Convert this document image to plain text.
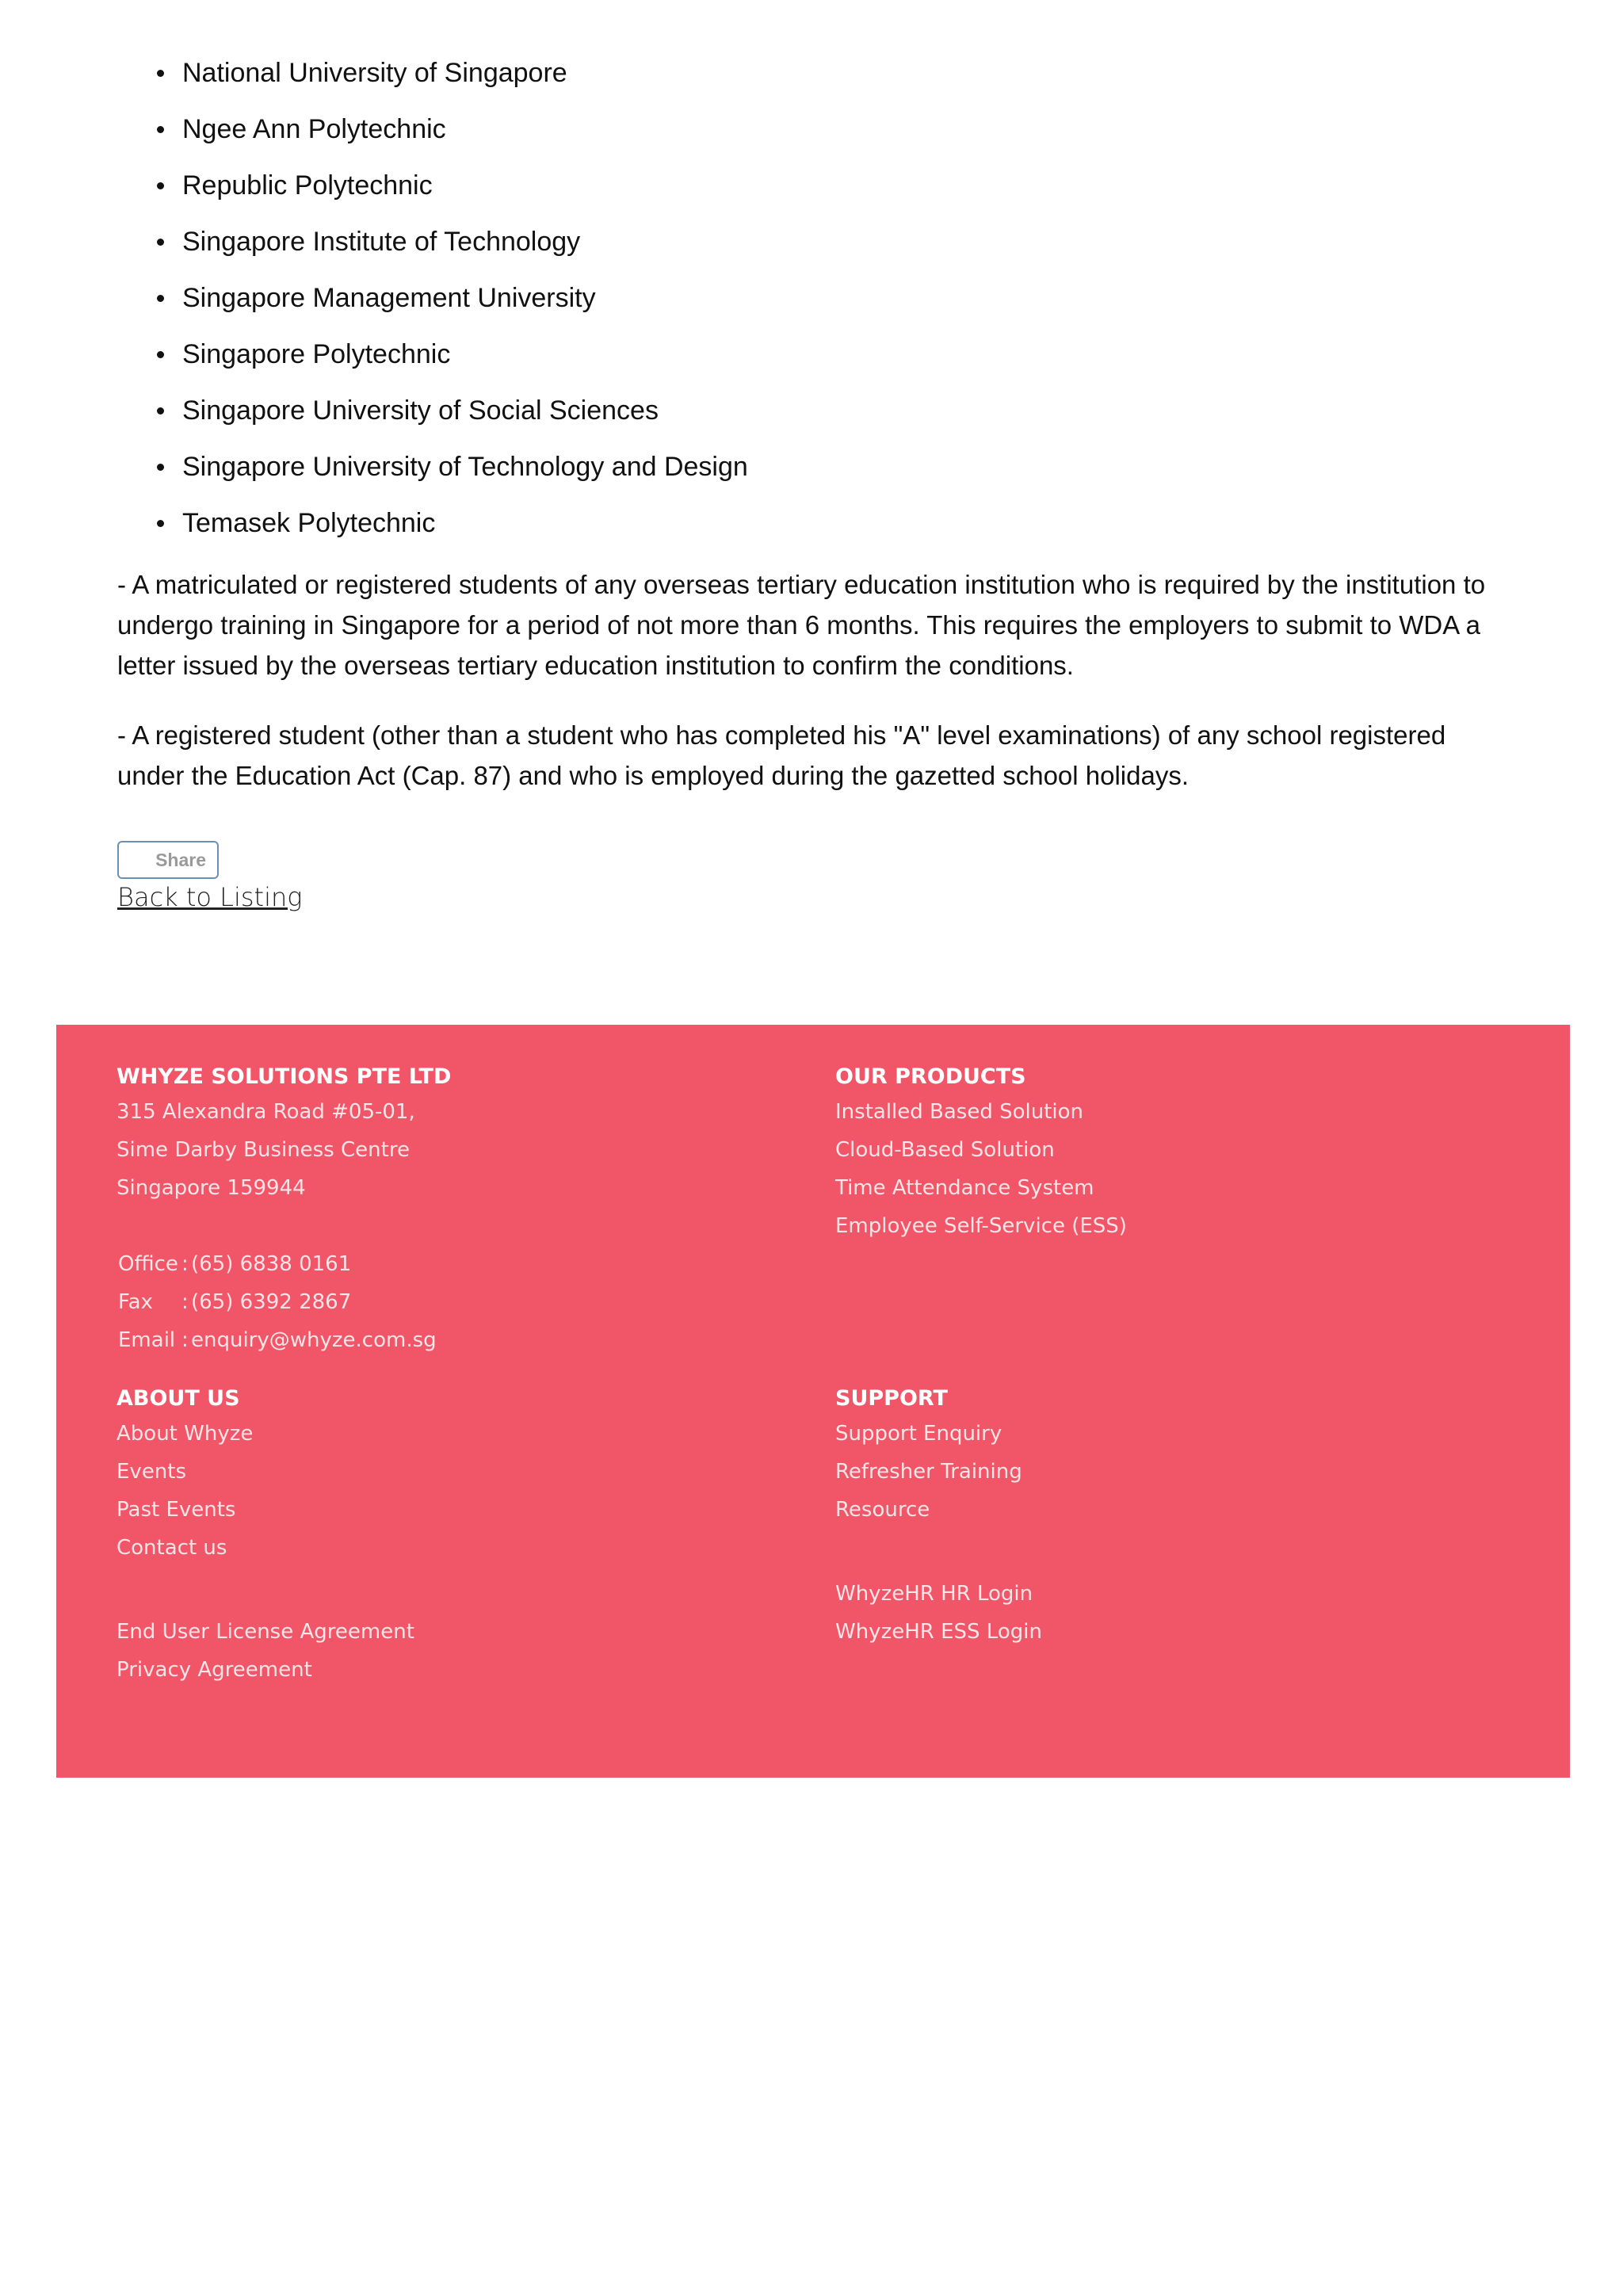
National University of Singapore
Ngee Ann Polytechnic
Republic Polytechnic
Singapore Institute of Technology
Singapore Management University
Singapore Polytechnic
Singapore University of Social Sciences
Singapore University of Technology and Design
Temasek Polytechnic

- A matriculated or registered students of any overseas tertiary education institution who is required by the institution to undergo training in Singapore for a period of not more than 6 months. This requires the employers to submit to WDA a letter issued by the overseas tertiary education institution to confirm the conditions.

- A registered student (other than a student who has completed his "A" level examinations) of any school registered under the Education Act (Cap. 87) and who is employed during the gazetted school holidays.

Share
Back to Listing
WHYZE SOLUTIONS PTE LTD
315 Alexandra Road #05-01,
Sime Darby Business Centre
Singapore 159944
Office : (65) 6838 0161
Fax : (65) 6392 2867
Email : enquiry@whyze.com.sg
OUR PRODUCTS
Installed Based Solution
Cloud-Based Solution
Time Attendance System
Employee Self-Service (ESS)
ABOUT US
About Whyze
Events
Past Events
Contact us
End User License Agreement
Privacy Agreement
SUPPORT
Support Enquiry
Refresher Training
Resource
WhyzeHR HR Login
WhyzeHR ESS Login
